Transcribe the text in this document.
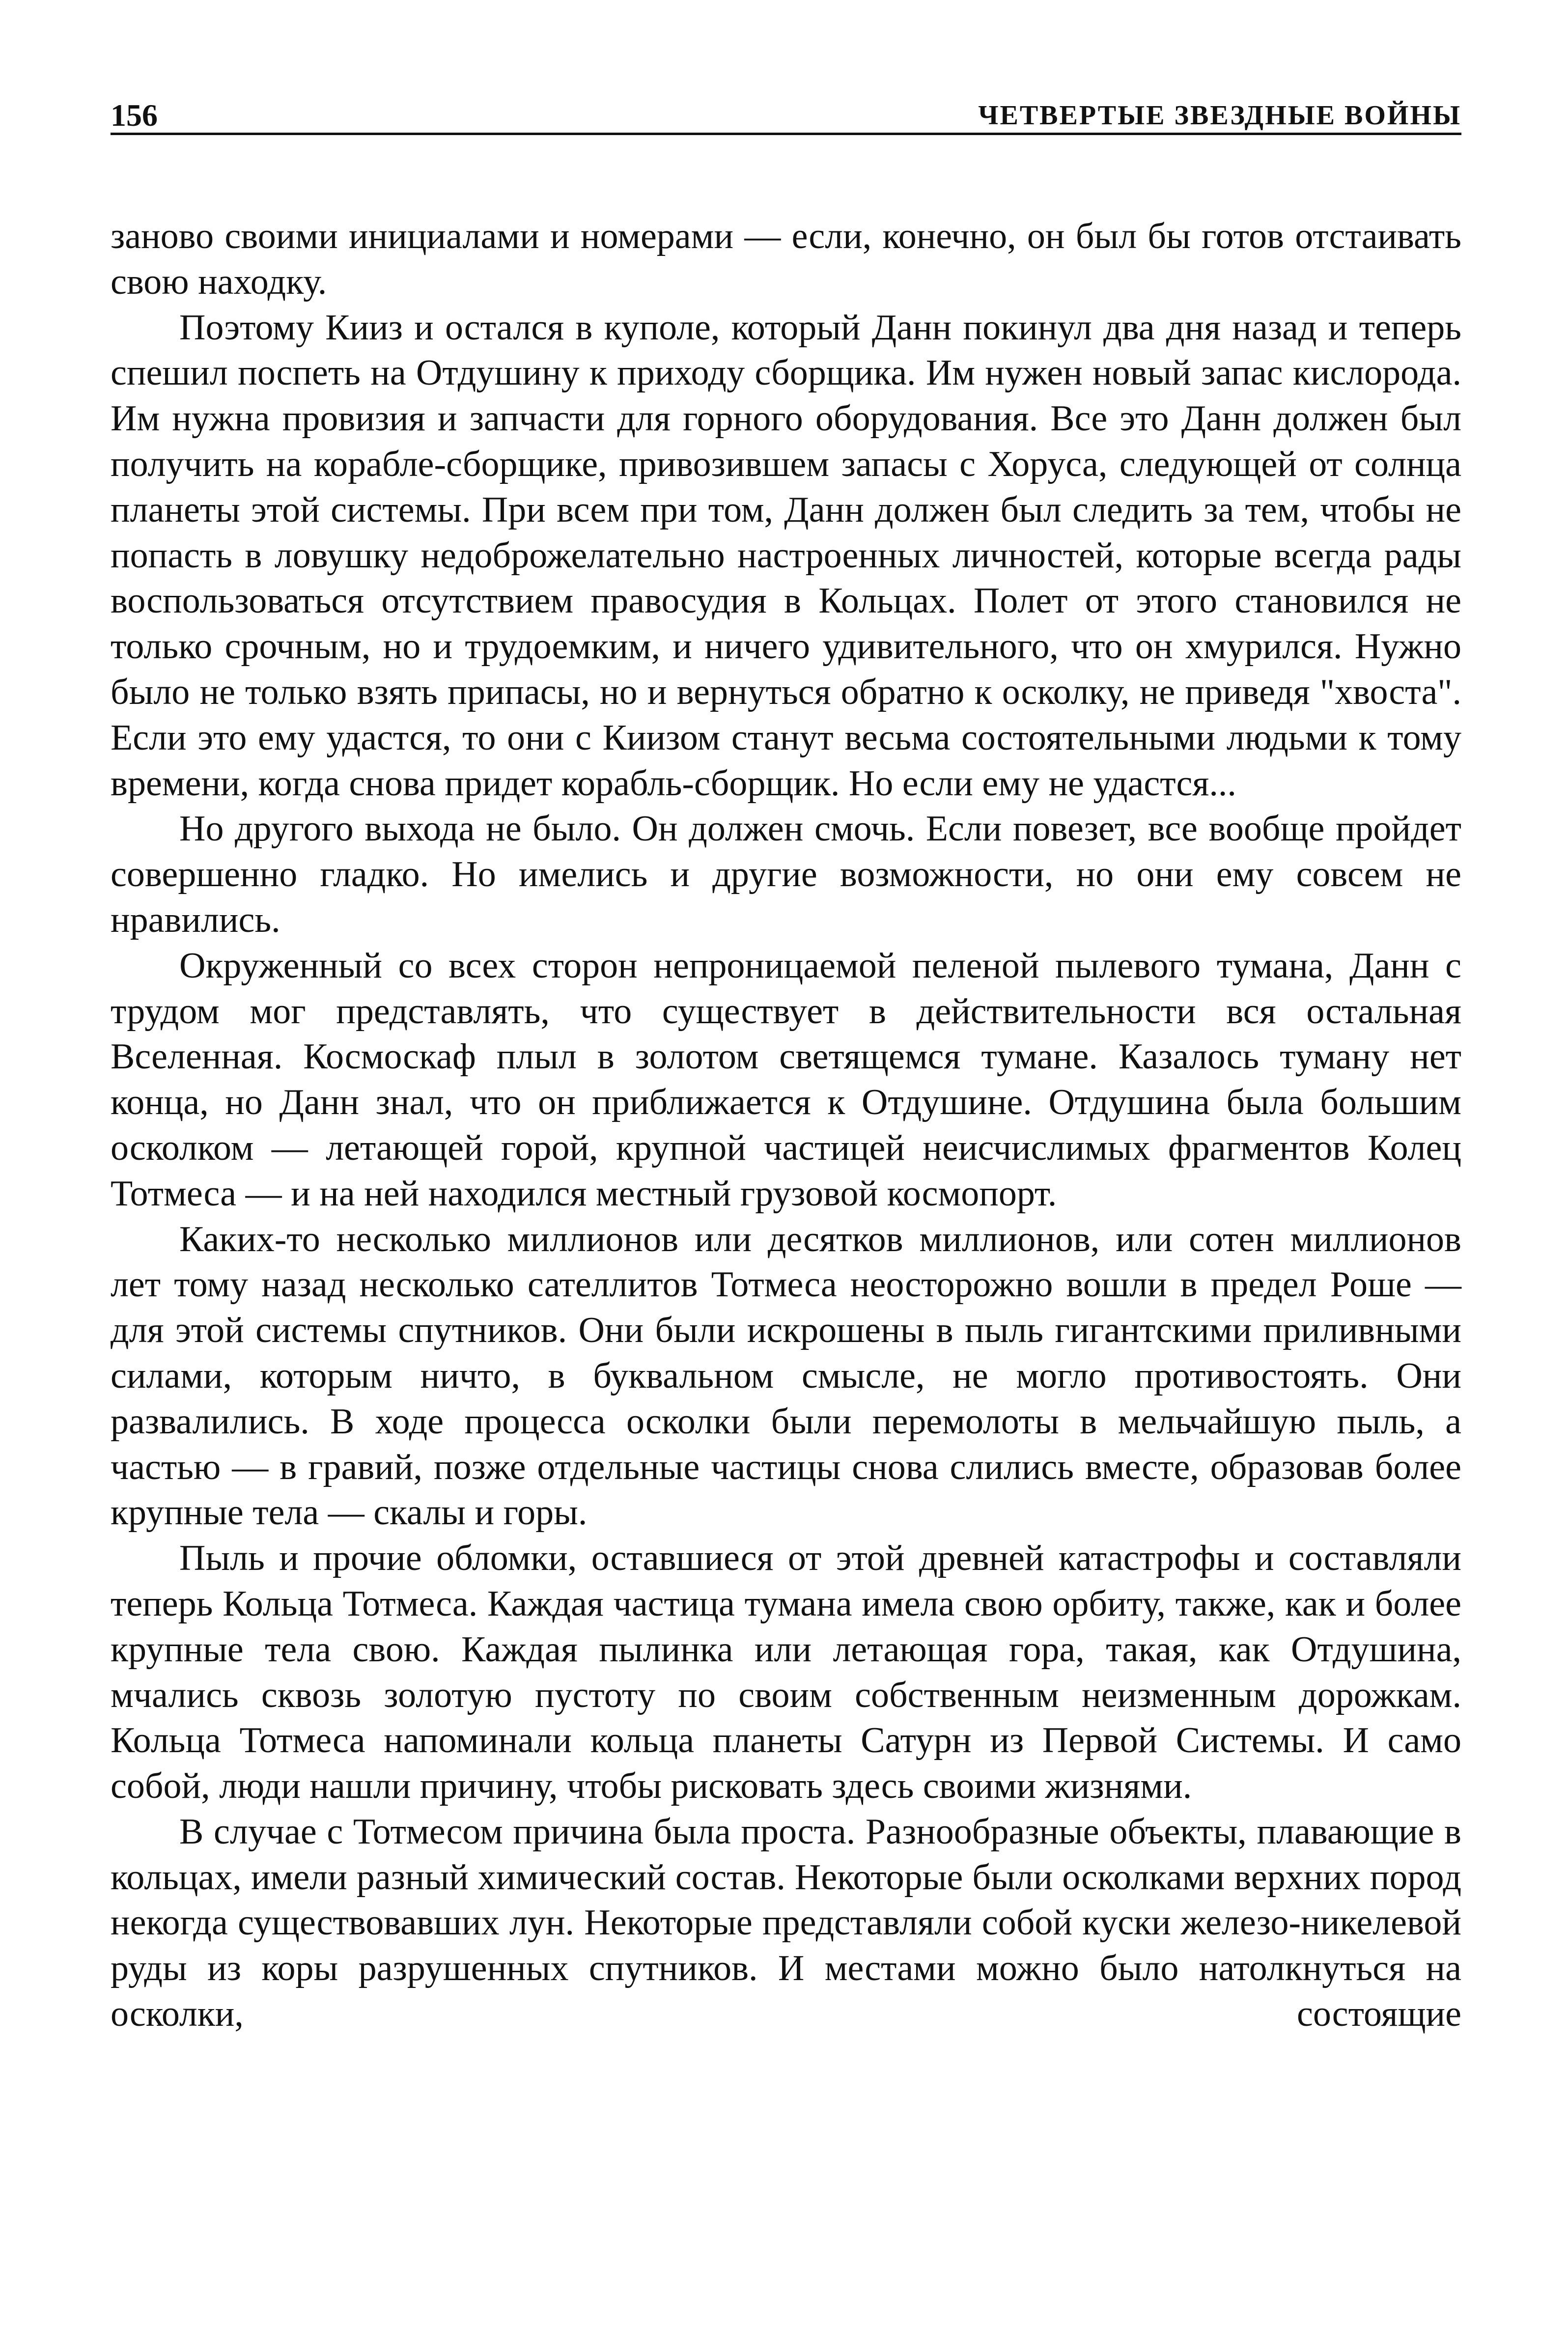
156	ЧЕТВЕРТЫЕ ЗВЕЗДНЫЕ ВОЙНЫ

заново своими инициалами и номерами — если, конечно, он был бы готов отстаивать свою находку.

Поэтому Кииз и остался в куполе, который Данн покинул два дня назад и теперь спешил поспеть на Отдушину к приходу сборщика. Им нужен новый запас кислорода. Им нужна провизия и запчасти для горного оборудования. Все это Данн должен был получить на корабле-сборщике, привозившем запасы с Хоруса, следующей от солнца планеты этой системы. При всем при том, Данн должен был следить за тем, чтобы не попасть в ловушку недоброжелательно настроенных личностей, которые всегда рады воспользоваться отсутствием правосудия в Кольцах. Полет от этого становился не только срочным, но и трудоемким, и ничего удивительного, что он хмурился. Нужно было не только взять припасы, но и вернуться обратно к осколку, не приведя "хвоста". Если это ему удастся, то они с Киизом станут весьма состоятельными людьми к тому времени, когда снова придет корабль-сборщик. Но если ему не удастся...

Но другого выхода не было. Он должен смочь. Если повезет, все вообще пройдет совершенно гладко. Но имелись и другие возможности, но они ему совсем не нравились.

Окруженный со всех сторон непроницаемой пеленой пылевого тумана, Данн с трудом мог представлять, что существует в действительности вся остальная Вселенная. Космоскаф плыл в золотом светящемся тумане. Казалось туману нет конца, но Данн знал, что он приближается к Отдушине. Отдушина была большим осколком — летающей горой, крупной частицей неисчислимых фрагментов Колец Тотмеса — и на ней находился местный грузовой космопорт.

Каких-то несколько миллионов или десятков миллионов, или сотен миллионов лет тому назад несколько сателлитов Тотмеса неосторожно вошли в предел Роше — для этой системы спутников. Они были искрошены в пыль гигантскими приливными силами, которым ничто, в буквальном смысле, не могло противостоять. Они развалились. В ходе процесса осколки были перемолоты в мельчайшую пыль, а частью — в гравий, позже отдельные частицы снова слились вместе, образовав более крупные тела — скалы и горы.

Пыль и прочие обломки, оставшиеся от этой древней катастрофы и составляли теперь Кольца Тотмеса. Каждая частица тумана имела свою орбиту, также, как и более крупные тела свою. Каждая пылинка или летающая гора, такая, как Отдушина, мчались сквозь золотую пустоту по своим собственным неизменным дорожкам. Кольца Тотмеса напоминали кольца планеты Сатурн из Первой Системы. И само собой, люди нашли причину, чтобы рисковать здесь своими жизнями.

В случае с Тотмесом причина была проста. Разнообразные объекты, плавающие в кольцах, имели разный химический состав. Некоторые были осколками верхних пород некогда существовавших лун. Некоторые представляли собой куски железо-никелевой руды из коры разрушенных спутников. И местами можно было натолкнуться на осколки, состоящие
